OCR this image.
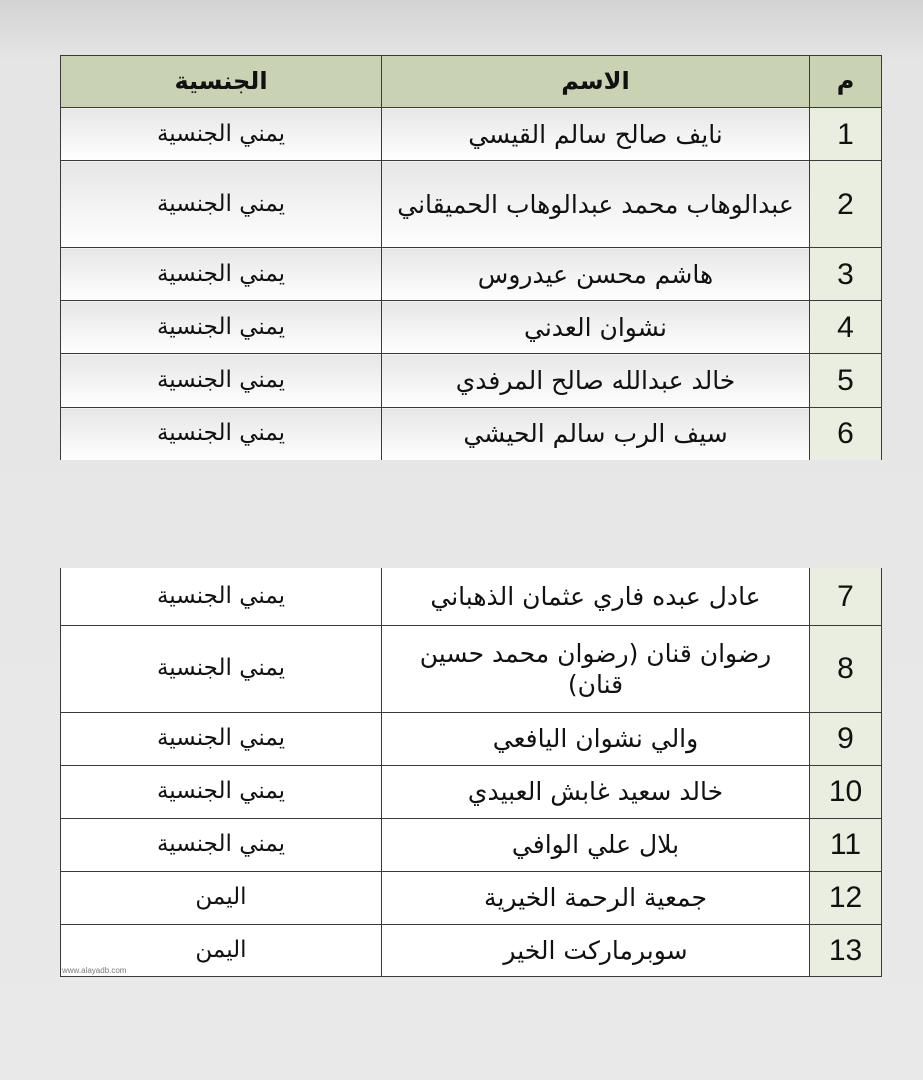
م	الاسم	الجنسية
1	نايف صالح سالم القيسي	يمني الجنسية
2	عبدالوهاب محمد عبدالوهاب الحميقاني	يمني الجنسية
3	هاشم محسن عيدروس	يمني الجنسية
4	نشوان العدني	يمني الجنسية
5	خالد عبدالله صالح المرفدي	يمني الجنسية
6	سيف الرب سالم الحيشي	يمني الجنسية
7	عادل عبده فاري عثمان الذهباني	يمني الجنسية
8	رضوان قنان (رضوان محمد حسين قنان)	يمني الجنسية
9	والي نشوان اليافعي	يمني الجنسية
10	خالد سعيد غابش العبيدي	يمني الجنسية
11	بلال علي الوافي	يمني الجنسية
12	جمعية الرحمة الخيرية	اليمن
13	سوبرماركت الخير	اليمن
www.alayadb.com
